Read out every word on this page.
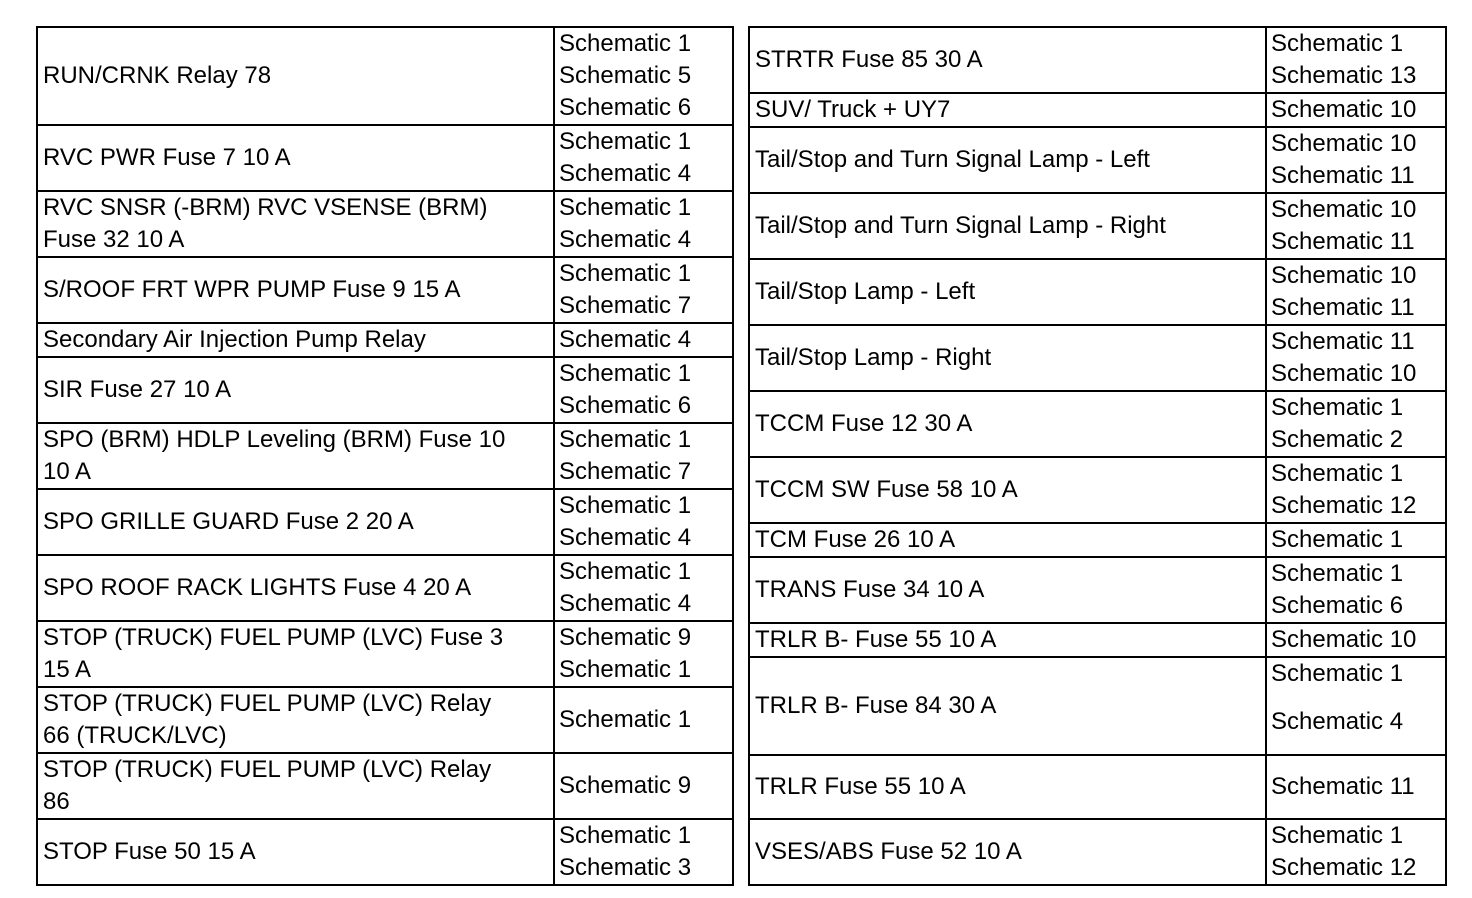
RUN/CRNK Relay 78	Schematic 1
Schematic 5
Schematic 6

RVC PWR Fuse 7 10 A	Schematic 1
Schematic 4

RVC SNSR (-BRM) RVC VSENSE (BRM)
Fuse 32 10 A	Schematic 1
Schematic 4

S/ROOF FRT WPR PUMP Fuse 9 15 A	Schematic 1
Schematic 7

Secondary Air Injection Pump Relay	Schematic 4

SIR Fuse 27 10 A	Schematic 1
Schematic 6

SPO (BRM) HDLP Leveling (BRM) Fuse 10
10 A	Schematic 1
Schematic 7

SPO GRILLE GUARD Fuse 2 20 A	Schematic 1
Schematic 4

SPO ROOF RACK LIGHTS Fuse 4 20 A	Schematic 1
Schematic 4

STOP (TRUCK) FUEL PUMP (LVC) Fuse 3
15 A	Schematic 9
Schematic 1

STOP (TRUCK) FUEL PUMP (LVC) Relay
66 (TRUCK/LVC)	Schematic 1

STOP (TRUCK) FUEL PUMP (LVC) Relay
86	Schematic 9

STOP Fuse 50 15 A	Schematic 1
Schematic 3
STRTR Fuse 85 30 A	Schematic 1
Schematic 13

SUV/ Truck + UY7	Schematic 10

Tail/Stop and Turn Signal Lamp - Left	Schematic 10
Schematic 11

Tail/Stop and Turn Signal Lamp - Right	Schematic 10
Schematic 11

Tail/Stop Lamp - Left	Schematic 10
Schematic 11

Tail/Stop Lamp - Right	Schematic 11
Schematic 10

TCCM Fuse 12 30 A	Schematic 1
Schematic 2

TCCM SW Fuse 58 10 A	Schematic 1
Schematic 12

TCM Fuse 26 10 A	Schematic 1

TRANS Fuse 34 10 A	Schematic 1
Schematic 6

TRLR B- Fuse 55 10 A	Schematic 10

TRLR B- Fuse 84 30 A	Schematic 1
Schematic 4

TRLR Fuse 55 10 A	Schematic 11

VSES/ABS Fuse 52 10 A	Schematic 1
Schematic 12
